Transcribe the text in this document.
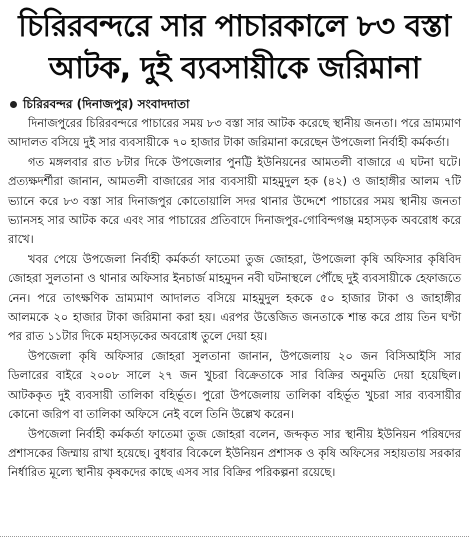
চিরিরবন্দরে সার পাচারকালে ৮৩ বস্তা
আটক, দুই ব্যবসায়ীকে জরিমানা
চিরিরবন্দর (দিনাজপুর)
সংবাদদাতা

দিনাজপুরের চিরিরবন্দরে পাচারের সময় ৮৩ বস্তা সার আটক করেছে স্থানীয় জনতা। পরে ভ্রাম্যমাণ আদালত বসিয়ে দুই সার ব্যবসায়ীকে ৭০ হাজার টাকা জরিমানা করেছেন উপজেলা নির্বাহী কর্মকর্তা।

গত মঙ্গলবার রাত ৮টার দিকে উপজেলার পুনট্টি ইউনিয়নের আমতলী বাজারে এ ঘটনা ঘটে। প্রত্যক্ষদর্শীরা জানান, আমতলী বাজারের সার ব্যবসায়ী মাহমুদুল হক (৪২) ও জাহাঙ্গীর আলম ৭টি ভ্যানে করে ৮৩ বস্তা সার দিনাজপুর কোতোয়ালি সদর থানার উদ্দেশে পাচারের সময় স্থানীয় জনতা ভ্যানসহ সার আটক করে এবং সার পাচারের প্রতিবাদে দিনাজপুর-গোবিন্দগঞ্জ মহাসড়ক অবরোধ করে রাখে।

খবর পেয়ে উপজেলা নির্বাহী কর্মকর্তা ফাতেমা তুজ জোহরা, উপজেলা কৃষি অফিসার কৃষিবিদ জোহরা সুলতানা ও থানার অফিসার ইনচার্জ মাহমুদন নবী ঘটনাস্থলে পৌঁছে দুই ব্যবসায়ীকে হেফাজতে নেন। পরে তাৎক্ষণিক ভ্রাম্যমাণ আদালত বসিয়ে মাহমুদুল হককে ৫০ হাজার টাকা ও জাহাঙ্গীর আলমকে ২০ হাজার টাকা জরিমানা করা হয়। এরপর উত্তেজিত জনতাকে শান্ত করে প্রায় তিন ঘণ্টা পর রাত ১১টার দিকে মহাসড়কের অবরোধ তুলে দেয়া হয়।

উপজেলা কৃষি অফিসার জোহরা সুলতানা জানান, উপজেলায় ২০ জন বিসিআইসি সার ডিলারের বাইরে ২০০৮ সালে ২৭ জন খুচরা বিক্রেতাকে সার বিক্রির অনুমতি দেয়া হয়েছিল। আটককৃত দুই ব্যবসায়ী তালিকা বহির্ভূত। পুরো উপজেলায় তালিকা বহির্ভূত খুচরা সার ব্যবসায়ীর কোনো জরিপ বা তালিকা অফিসে নেই বলে তিনি উল্লেখ করেন।

উপজেলা নির্বাহী কর্মকর্তা ফাতেমা তুজ জোহরা বলেন, জব্দকৃত সার স্থানীয় ইউনিয়ন পরিষদের প্রশাসকের জিম্মায় রাখা হয়েছে। বুধবার বিকেলে ইউনিয়ন প্রশাসক ও কৃষি অফিসের সহায়তায় সরকার নির্ধারিত মূল্যে স্থানীয় কৃষকদের কাছে এসব সার বিক্রির পরিকল্পনা রয়েছে।
